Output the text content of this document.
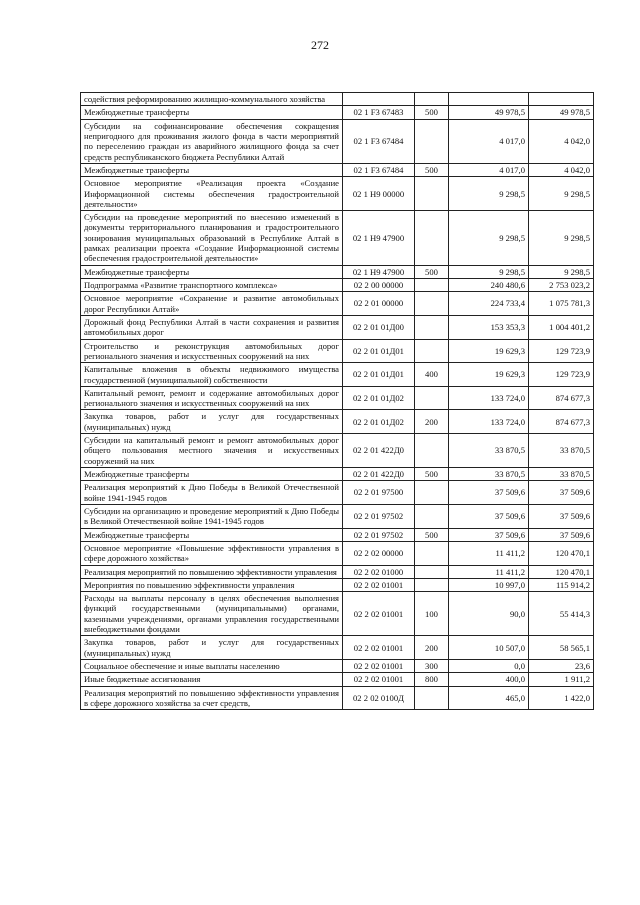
272
содействия реформированию жилищно-коммунального хозяйства				
Межбюджетные трансферты	02 1 F3 67483	500	49 978,5	49 978,5
Субсидии на софинансирование обеспечения сокращения непригодного для проживания жилого фонда в части мероприятий по переселению граждан из аварийного жилищного фонда за счет средств республиканского бюджета Республики Алтай	02 1 F3 67484		4 017,0	4 042,0
Межбюджетные трансферты	02 1 F3 67484	500	4 017,0	4 042,0
Основное мероприятие «Реализация проекта «Создание Информационной системы обеспечения градостроительной деятельности»	02 1 Н9 00000		9 298,5	9 298,5
Субсидии на проведение мероприятий по внесению изменений в документы территориального планирования и градостроительного зонирования муниципальных образований в Республике Алтай в рамках реализации проекта «Создание Информационной системы обеспечения градостроительной деятельности»	02 1 Н9 47900		9 298,5	9 298,5
Межбюджетные трансферты	02 1 Н9 47900	500	9 298,5	9 298,5
Подпрограмма «Развитие транспортного комплекса»	02 2 00 00000		240 480,6	2 753 023,2
Основное мероприятие «Сохранение и развитие автомобильных дорог Республики Алтай»	02 2 01 00000		224 733,4	1 075 781,3
Дорожный фонд Республики Алтай в части сохранения и развития автомобильных дорог	02 2 01 01Д00		153 353,3	1 004 401,2
Строительство и реконструкция автомобильных дорог регионального значения и искусственных сооружений на них	02 2 01 01Д01		19 629,3	129 723,9
Капитальные вложения в объекты недвижимого имущества государственной (муниципальной) собственности	02 2 01 01Д01	400	19 629,3	129 723,9
Капитальный ремонт, ремонт и содержание автомобильных дорог регионального значения и искусственных сооружений на них	02 2 01 01Д02		133 724,0	874 677,3
Закупка товаров, работ и услуг для государственных (муниципальных) нужд	02 2 01 01Д02	200	133 724,0	874 677,3
Субсидии на капитальный ремонт и ремонт автомобильных дорог общего пользования местного значения и искусственных сооружений на них	02 2 01 422Д0		33 870,5	33 870,5
Межбюджетные трансферты	02 2 01 422Д0	500	33 870,5	33 870,5
Реализация мероприятий к Дню Победы в Великой Отечественной войне 1941-1945 годов	02 2 01 97500		37 509,6	37 509,6
Субсидии на организацию и проведение мероприятий к Дню Победы в Великой Отечественной войне 1941-1945 годов	02 2 01 97502		37 509,6	37 509,6
Межбюджетные трансферты	02 2 01 97502	500	37 509,6	37 509,6
Основное мероприятие «Повышение эффективности управления в сфере дорожного хозяйства»	02 2 02 00000		11 411,2	120 470,1
Реализация мероприятий по повышению эффективности управления	02 2 02 01000		11 411,2	120 470,1
Мероприятия по повышению эффективности управления	02 2 02 01001		10 997,0	115 914,2
Расходы на выплаты персоналу в целях обеспечения выполнения функций государственными (муниципальными) органами, казенными учреждениями, органами управления государственными внебюджетными фондами	02 2 02 01001	100	90,0	55 414,3
Закупка товаров, работ и услуг для государственных (муниципальных) нужд	02 2 02 01001	200	10 507,0	58 565,1
Социальное обеспечение и иные выплаты населению	02 2 02 01001	300	0,0	23,6
Иные бюджетные ассигнования	02 2 02 01001	800	400,0	1 911,2
Реализация мероприятий по повышению эффективности управления в сфере дорожного хозяйства за счет средств,	02 2 02 0100Д		465,0	1 422,0
